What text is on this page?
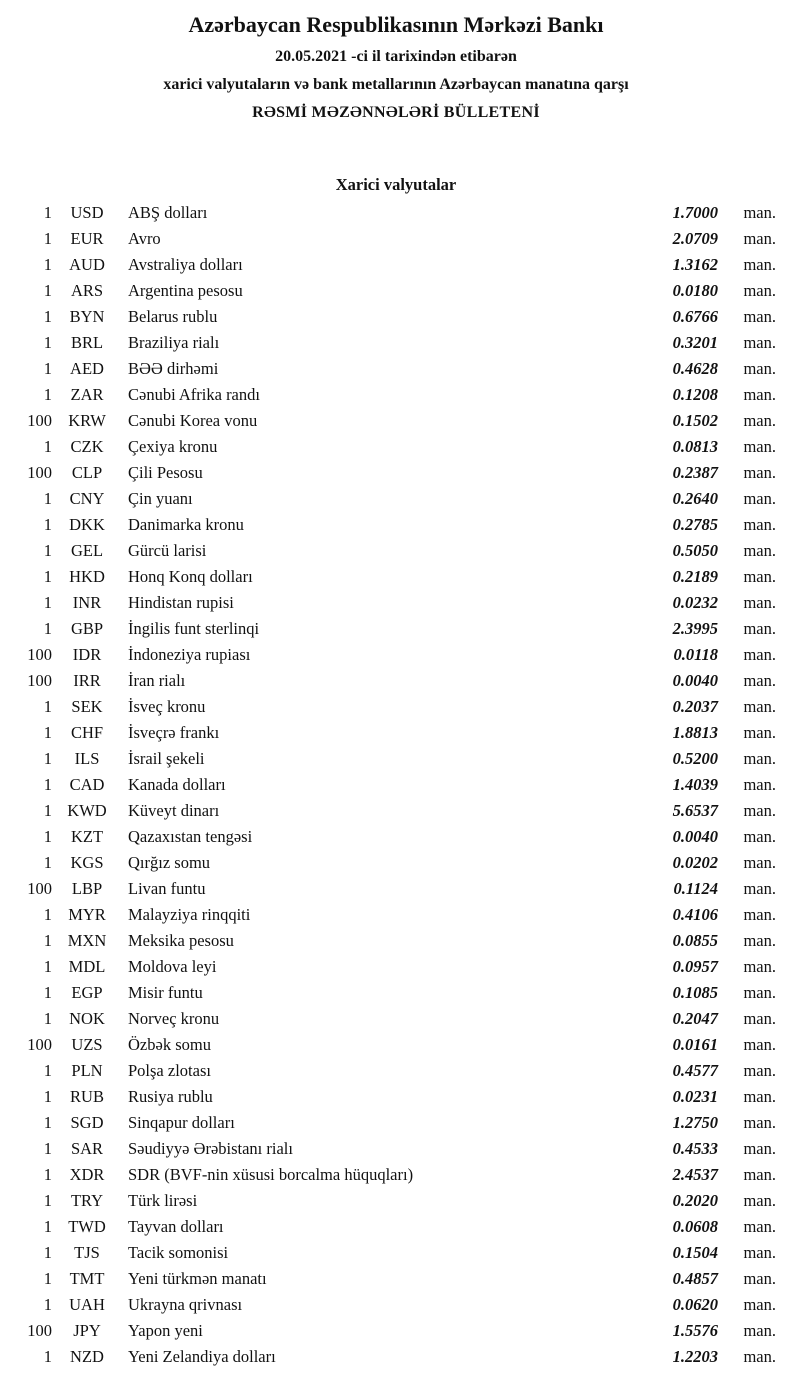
Azərbaycan Respublikasının Mərkəzi Bankı
20.05.2021 -ci il tarixindən etibarən
xarici valyutaların və bank metallarının Azərbaycan manatına qarşı
RƏSMİ MƏZƏNNƏLƏRİ BÜLLETENİ
Xarici valyutalar
1	USD	ABŞ dolları	1.7000	man.
1	EUR	Avro	2.0709	man.
1	AUD	Avstraliya dolları	1.3162	man.
1	ARS	Argentina pesosu	0.0180	man.
1	BYN	Belarus rublu	0.6766	man.
1	BRL	Braziliya rialı	0.3201	man.
1	AED	BƏƏ dirhəmi	0.4628	man.
1	ZAR	Cənubi Afrika randı	0.1208	man.
100 KRW	Cənubi Korea vonu	0.1502	man.
1	CZK	Çexiya kronu	0.0813	man.
100	CLP	Çili Pesosu	0.2387	man.
1	CNY	Çin yuanı	0.2640	man.
1	DKK	Danimarka kronu	0.2785	man.
1	GEL	Gürcü larisi	0.5050	man.
1	HKD	Honq Konq dolları	0.2189	man.
1	INR	Hindistan rupisi	0.0232	man.
1	GBP	İngilis funt sterlinqi	2.3995	man.
100	IDR	İndoneziya rupiası	0.0118	man.
100	IRR	İran rialı	0.0040	man.
1	SEK	İsveç kronu	0.2037	man.
1	CHF	İsveçrə frankı	1.8813	man.
1	ILS	İsrail şekeli	0.5200	man.
1	CAD	Kanada dolları	1.4039	man.
1 KWD	Küveyt dinarı	5.6537	man.
1	KZT	Qazaxıstan tengəsi	0.0040	man.
1	KGS	Qırğız somu	0.0202	man.
100	LBP	Livan funtu	0.1124	man.
1 MYR	Malayziya rinqqiti	0.4106	man.
1 MXN	Meksika pesosu	0.0855	man.
1	MDL	Moldova leyi	0.0957	man.
1	EGP	Misir funtu	0.1085	man.
1	NOK	Norveç kronu	0.2047	man.
100	UZS	Özbək somu	0.0161	man.
1	PLN	Polşa zlotası	0.4577	man.
1	RUB	Rusiya rublu	0.0231	man.
1	SGD	Sinqapur dolları	1.2750	man.
1	SAR	Səudiyyə Ərəbistanı rialı	0.4533	man.
1	XDR	SDR (BVF-nin xüsusi borcalma hüquqları)	2.4537	man.
1	TRY	Türk lirəsi	0.2020	man.
1 TWD	Tayvan dolları	0.0608	man.
1	TJS	Tacik somonisi	0.1504	man.
1	TMT	Yeni türkmən manatı	0.4857	man.
1	UAH	Ukrayna qrivnası	0.0620	man.
100	JPY	Yapon yeni	1.5576	man.
1	NZD	Yeni Zelandiya dolları	1.2203	man.
